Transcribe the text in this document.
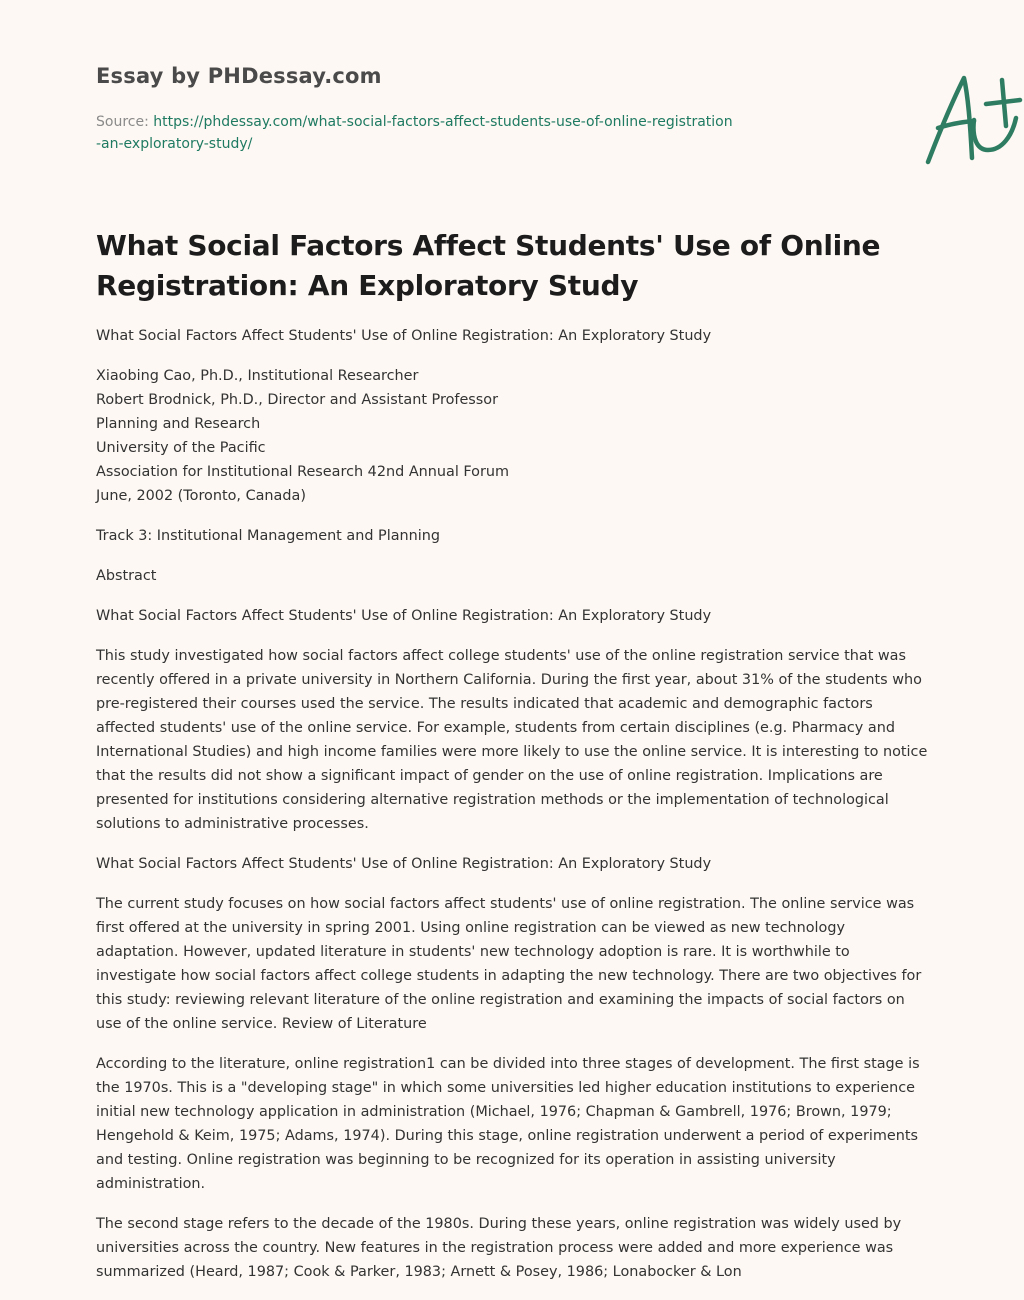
Essay by PHDessay.com
Source: https://phdessay.com/what-social-factors-affect-students-use-of-online-registration-an-exploratory-study/
What Social Factors Affect Students' Use of Online Registration: An Exploratory Study

What Social Factors Affect Students' Use of Online Registration: An Exploratory Study

Xiaobing Cao, Ph.D., Institutional Researcher
Robert Brodnick, Ph.D., Director and Assistant Professor
Planning and Research
University of the Pacific
Association for Institutional Research 42nd Annual Forum
June, 2002 (Toronto, Canada)

Track 3: Institutional Management and Planning

Abstract

What Social Factors Affect Students' Use of Online Registration: An Exploratory Study

This study investigated how social factors affect college students' use of the online registration service that was recently offered in a private university in Northern California. During the first year, about 31% of the students who pre-registered their courses used the service. The results indicated that academic and demographic factors affected students' use of the online service. For example, students from certain disciplines (e.g. Pharmacy and International Studies) and high income families were more likely to use the online service. It is interesting to notice that the results did not show a significant impact of gender on the use of online registration. Implications are presented for institutions considering alternative registration methods or the implementation of technological solutions to administrative processes.

What Social Factors Affect Students' Use of Online Registration: An Exploratory Study

The current study focuses on how social factors affect students' use of online registration. The online service was first offered at the university in spring 2001. Using online registration can be viewed as new technology adaptation. However, updated literature in students' new technology adoption is rare. It is worthwhile to investigate how social factors affect college students in adapting the new technology. There are two objectives for this study: reviewing relevant literature of the online registration and examining the impacts of social factors on use of the online service. Review of Literature

According to the literature, online registration1 can be divided into three stages of development. The first stage is the 1970s. This is a "developing stage" in which some universities led higher education institutions to experience initial new technology application in administration (Michael, 1976; Chapman & Gambrell, 1976; Brown, 1979; Hengehold & Keim, 1975; Adams, 1974). During this stage, online registration underwent a period of experiments and testing. Online registration was beginning to be recognized for its operation in assisting university administration.

The second stage refers to the decade of the 1980s. During these years, online registration was widely used by universities across the country. New features in the registration process were added and more experience was summarized (Heard, 1987; Cook & Parker, 1983; Arnett & Posey, 1986; Lonabocker & Lon
